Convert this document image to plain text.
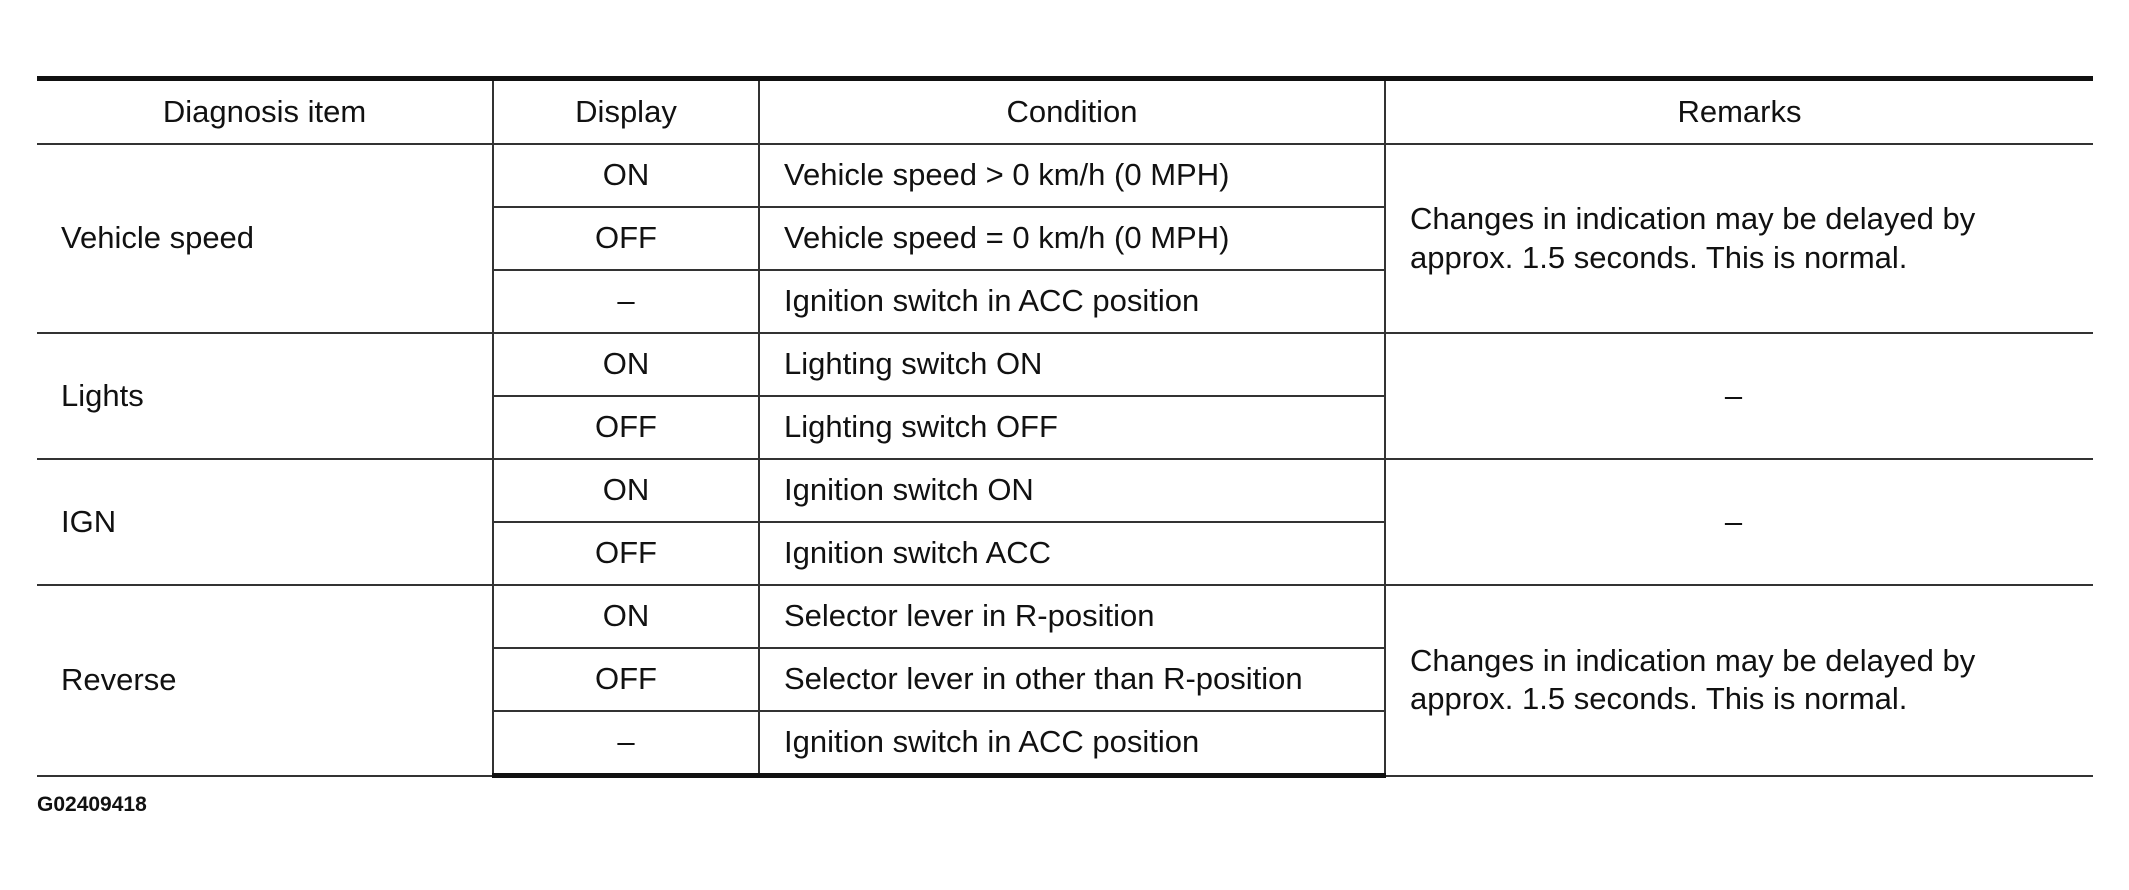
Diagnosis item	Display	Condition	Remarks
Vehicle speed	ON	Vehicle speed > 0 km/h (0 MPH)	Changes in indication may be delayed by approx. 1.5 seconds. This is normal.
	OFF	Vehicle speed = 0 km/h (0 MPH)	
	–	Ignition switch in ACC position	
Lights	ON	Lighting switch ON	–
	OFF	Lighting switch OFF	
IGN	ON	Ignition switch ON	–
	OFF	Ignition switch ACC	
Reverse	ON	Selector lever in R-position	Changes in indication may be delayed by approx. 1.5 seconds. This is normal.
	OFF	Selector lever in other than R-position	
	–	Ignition switch in ACC position	
G02409418
